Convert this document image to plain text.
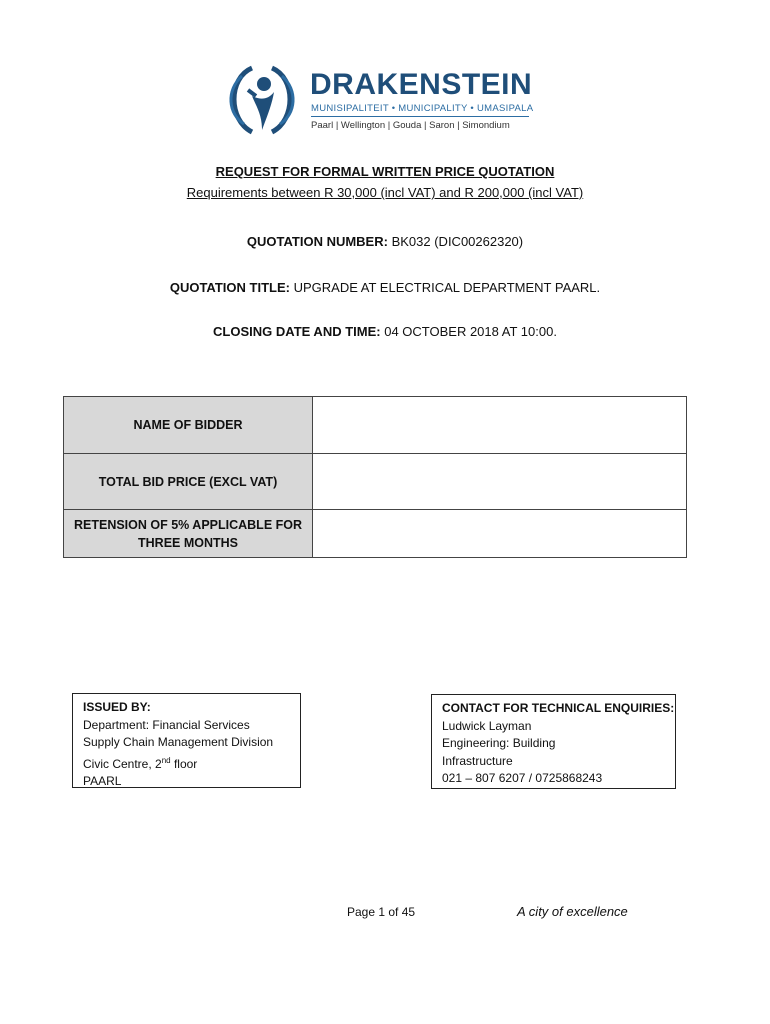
DRAKENSTEIN
MUNISIPALITEIT • MUNICIPALITY • UMASIPALA
Paarl | Wellington | Gouda | Saron | Simondium
REQUEST FOR FORMAL WRITTEN PRICE QUOTATION
Requirements between R 30,000 (incl VAT) and R 200,000 (incl VAT)
QUOTATION NUMBER: BK032 (DIC00262320)
QUOTATION TITLE: UPGRADE AT ELECTRICAL DEPARTMENT PAARL.
CLOSING DATE AND TIME: 04 OCTOBER 2018 AT 10:00.
NAME OF BIDDER	
TOTAL BID PRICE (EXCL VAT)	
RETENSION OF 5% APPLICABLE FOR
THREE MONTHS	
ISSUED BY:
Department: Financial Services
Supply Chain Management Division
Civic Centre, 2nd floor
PAARL
CONTACT FOR TECHNICAL ENQUIRIES:
Ludwick Layman
Engineering: Building
Infrastructure
021 – 807 6207 / 0725868243
Page 1 of 45	A city of excellence
